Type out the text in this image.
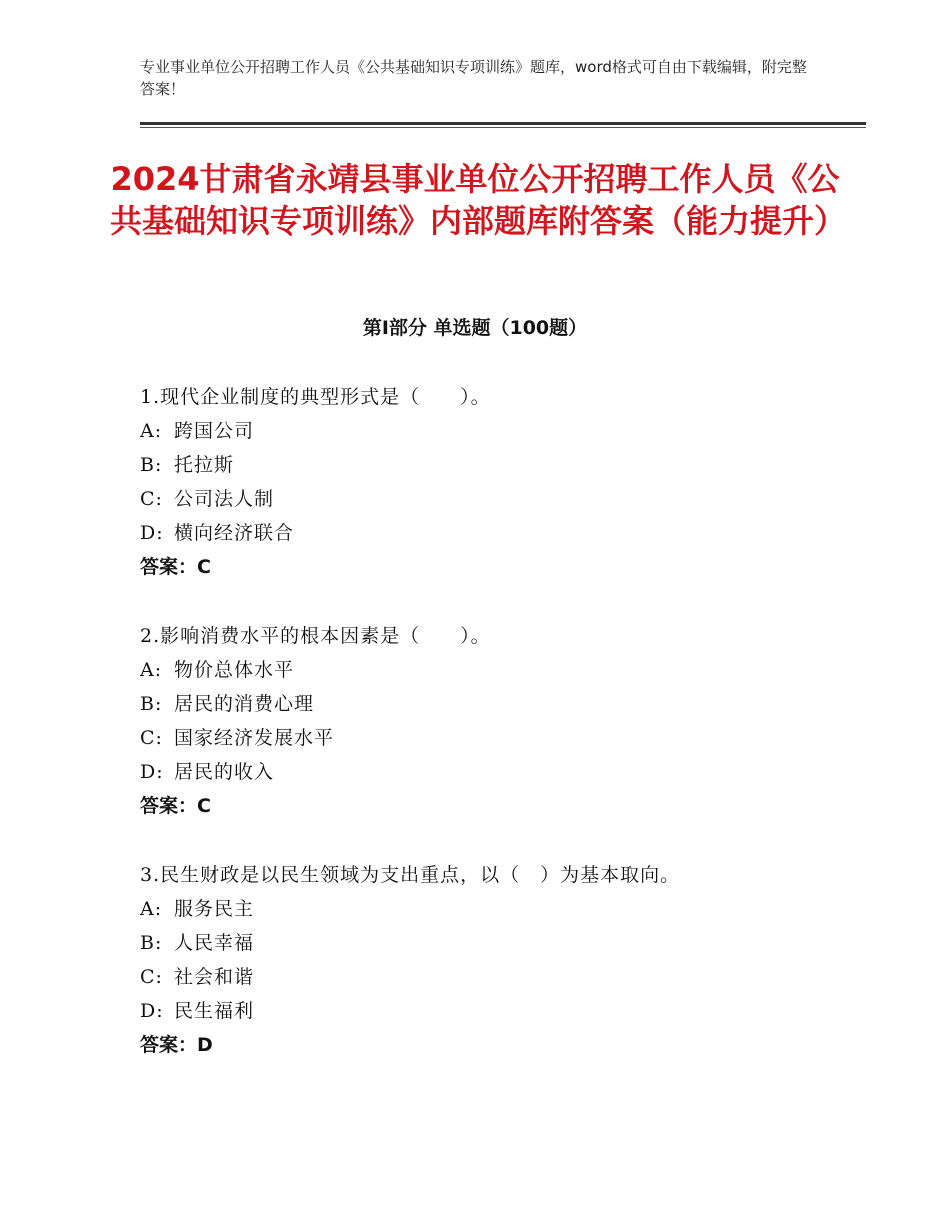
专业事业单位公开招聘工作人员《公共基础知识专项训练》题库，word格式可自由下载编辑，附完整答案！
2024甘肃省永靖县事业单位公开招聘工作人员《公共基础知识专项训练》内部题库附答案（能力提升）
第Ⅰ部分 单选题（100题）
1.现代企业制度的典型形式是（　　）。
A: 跨国公司
B: 托拉斯
C: 公司法人制
D: 横向经济联合
答案：C
2.影响消费水平的根本因素是（　　）。
A: 物价总体水平
B: 居民的消费心理
C: 国家经济发展水平
D: 居民的收入
答案：C
3.民生财政是以民生领域为支出重点，以（　）为基本取向。
A: 服务民主
B: 人民幸福
C: 社会和谐
D: 民生福利
答案：D
